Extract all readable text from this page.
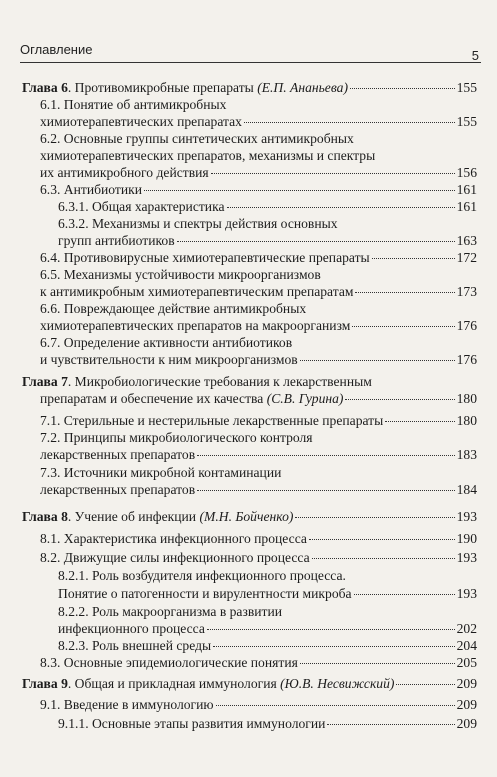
Оглавление	5
Глава 6. Противомикробные препараты (Е.П. Ананьева)	155
6.1. Понятие об антимикробных
химиотерапевтических препаратах	155
6.2. Основные группы синтетических антимикробных
химиотерапевтических препаратов, механизмы и спектры
их антимикробного действия	156
6.3. Антибиотики	161
6.3.1. Общая характеристика	161
6.3.2. Механизмы и спектры действия основных
групп антибиотиков	163
6.4. Противовирусные химиотерапевтические препараты	172
6.5. Механизмы устойчивости микроорганизмов
к антимикробным химиотерапевтическим препаратам	173
6.6. Повреждающее действие антимикробных
химиотерапевтических препаратов на макроорганизм	176
6.7. Определение активности антибиотиков
и чувствительности к ним микроорганизмов	176
Глава 7. Микробиологические требования к лекарственным
препаратам и обеспечение их качества (С.В. Гурина)	180
7.1. Стерильные и нестерильные лекарственные препараты	180
7.2. Принципы микробиологического контроля
лекарственных препаратов	183
7.3. Источники микробной контаминации
лекарственных препаратов	184
Глава 8. Учение об инфекции (М.Н. Бойченко)	193
8.1. Характеристика инфекционного процесса	190
8.2. Движущие силы инфекционного процесса	193
8.2.1. Роль возбудителя инфекционного процесса.
Понятие о патогенности и вирулентности микроба	193
8.2.2. Роль макроорганизма в развитии
инфекционного процесса	202
8.2.3. Роль внешней среды	204
8.3. Основные эпидемиологические понятия	205
Глава 9. Общая и прикладная иммунология (Ю.В. Несвижский)	209
9.1. Введение в иммунологию	209
9.1.1. Основные этапы развития иммунологии	209
